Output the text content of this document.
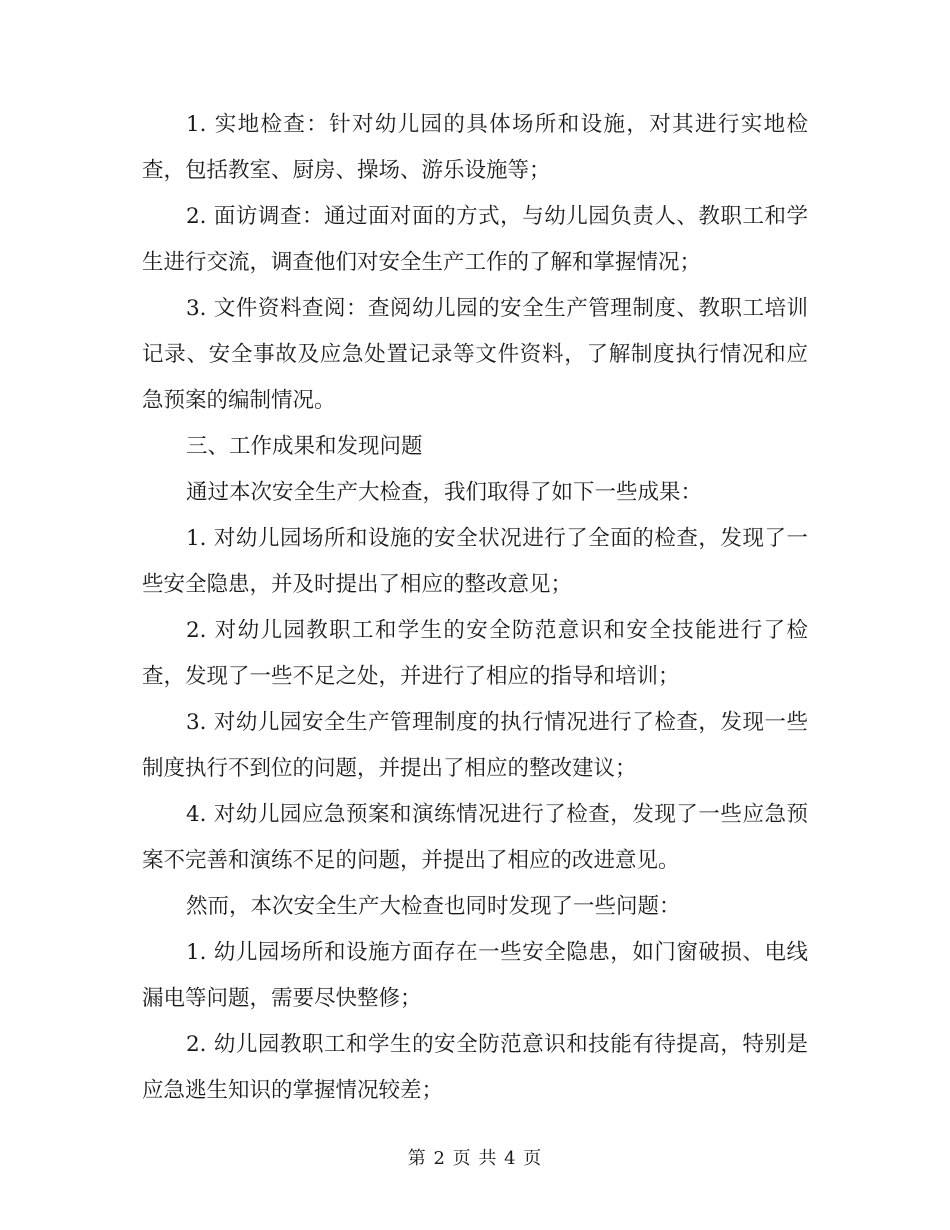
1. 实地检查：针对幼儿园的具体场所和设施，对其进行实地检查，包括教室、厨房、操场、游乐设施等；

2. 面访调查：通过面对面的方式，与幼儿园负责人、教职工和学生进行交流，调查他们对安全生产工作的了解和掌握情况；

3. 文件资料查阅：查阅幼儿园的安全生产管理制度、教职工培训记录、安全事故及应急处置记录等文件资料，了解制度执行情况和应急预案的编制情况。

三、工作成果和发现问题

通过本次安全生产大检查，我们取得了如下一些成果：

1. 对幼儿园场所和设施的安全状况进行了全面的检查，发现了一些安全隐患，并及时提出了相应的整改意见；

2. 对幼儿园教职工和学生的安全防范意识和安全技能进行了检查，发现了一些不足之处，并进行了相应的指导和培训；

3. 对幼儿园安全生产管理制度的执行情况进行了检查，发现一些制度执行不到位的问题，并提出了相应的整改建议；

4. 对幼儿园应急预案和演练情况进行了检查，发现了一些应急预案不完善和演练不足的问题，并提出了相应的改进意见。

然而，本次安全生产大检查也同时发现了一些问题：

1. 幼儿园场所和设施方面存在一些安全隐患，如门窗破损、电线漏电等问题，需要尽快整修；

2. 幼儿园教职工和学生的安全防范意识和技能有待提高，特别是应急逃生知识的掌握情况较差；

第 2 页 共 4 页
